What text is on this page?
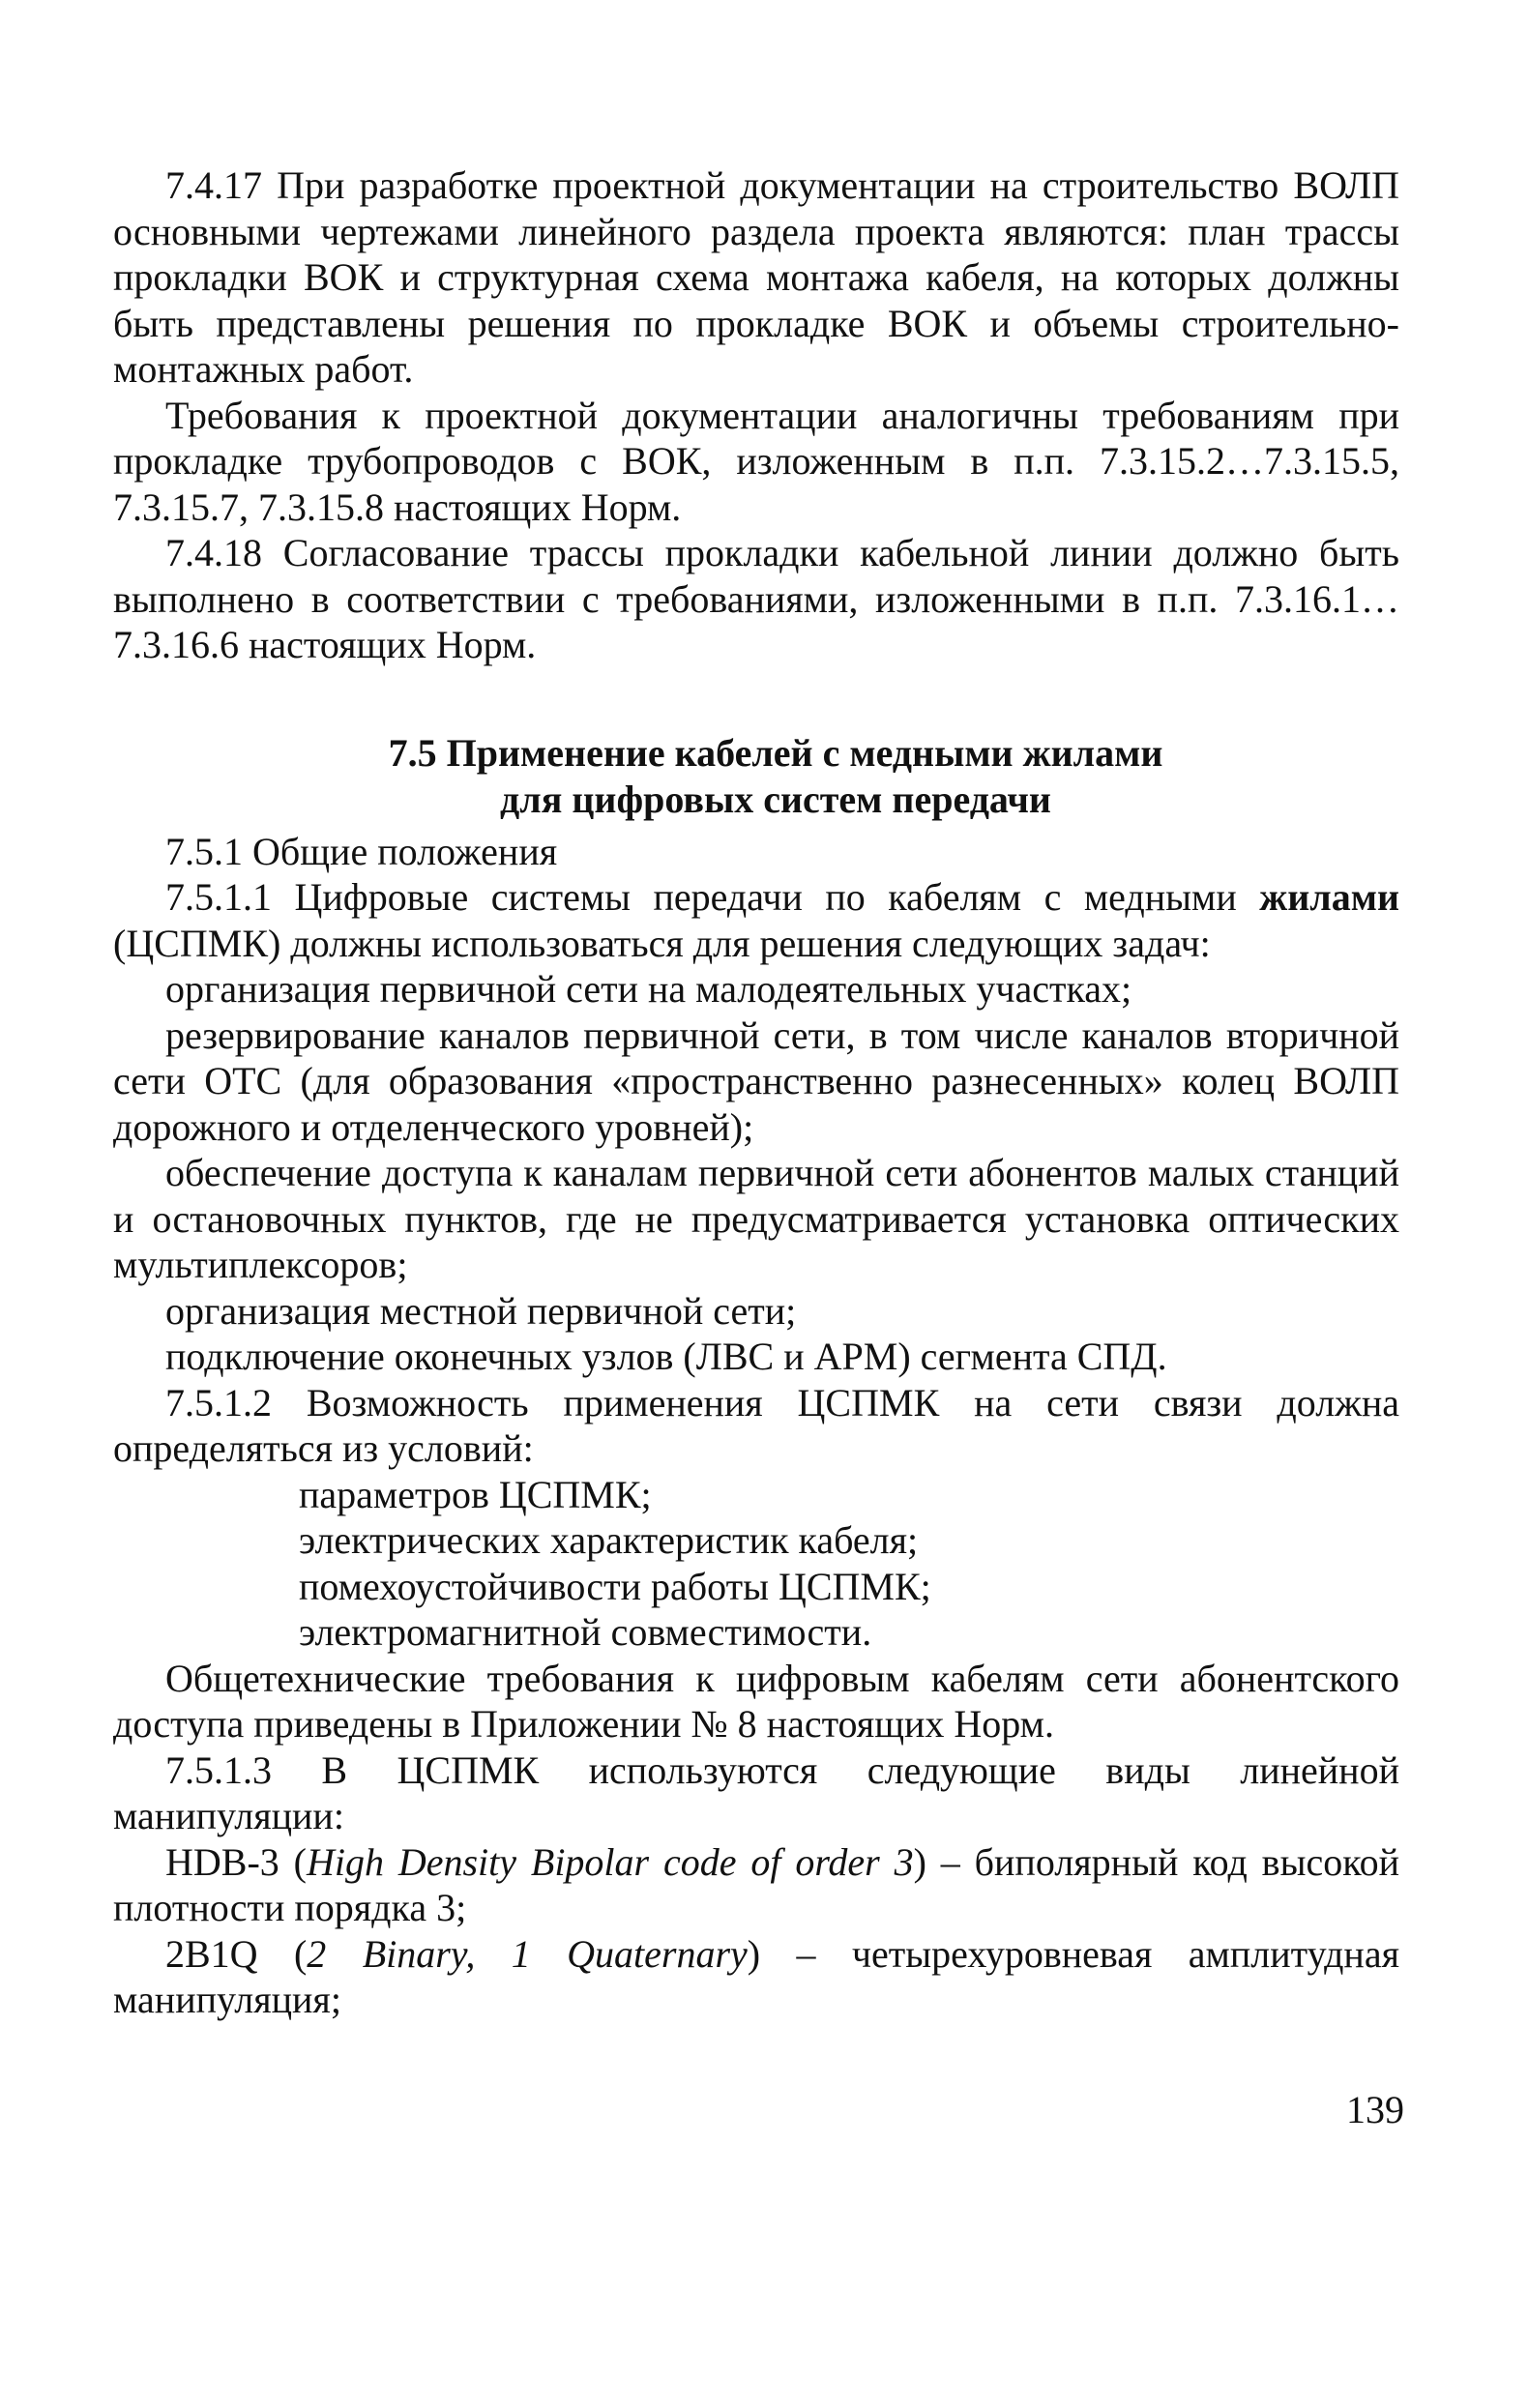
7.4.17 При разработке проектной документации на строительство ВОЛП основными чертежами линейного раздела проекта являются: план трассы прокладки ВОК и структурная схема монтажа кабеля, на которых должны быть представлены решения по прокладке ВОК и объемы строительно-монтажных работ.

Требования к проектной документации аналогичны требованиям при прокладке трубопроводов с ВОК, изложенным в п.п. 7.3.15.2…7.3.15.5, 7.3.15.7, 7.3.15.8 настоящих Норм.

7.4.18 Согласование трассы прокладки кабельной линии должно быть выполнено в соответствии с требованиями, изложенными в п.п. 7.3.16.1…7.3.16.6 настоящих Норм.

7.5 Применение кабелей с медными жилами
для цифровых систем передачи

7.5.1 Общие положения

7.5.1.1 Цифровые системы передачи по кабелям с медными жилами (ЦСПМК) должны использоваться для решения следующих задач:

организация первичной сети на малодеятельных участках;

резервирование каналов первичной сети, в том числе каналов вторичной сети ОТС (для образования «пространственно разнесенных» колец ВОЛП дорожного и отделенческого уровней);

обеспечение доступа к каналам первичной сети абонентов малых станций и остановочных пунктов, где не предусматривается установка оптических мультиплексоров;

организация местной первичной сети;

подключение оконечных узлов (ЛВС и АРМ) сегмента СПД.

7.5.1.2 Возможность применения ЦСПМК на сети связи должна определяться из условий:

параметров ЦСПМК;

электрических характеристик кабеля;

помехоустойчивости работы ЦСПМК;

электромагнитной совместимости.

Общетехнические требования к цифровым кабелям сети абонентского доступа приведены в Приложении № 8 настоящих Норм.

7.5.1.3 В ЦСПМК используются следующие виды линейной манипуляции:

HDB-3 (High Density Bipolar code of order 3) – биполярный код высокой плотности порядка 3;

2B1Q (2 Binary, 1 Quaternary) – четырехуровневая амплитудная манипуляция;

139
